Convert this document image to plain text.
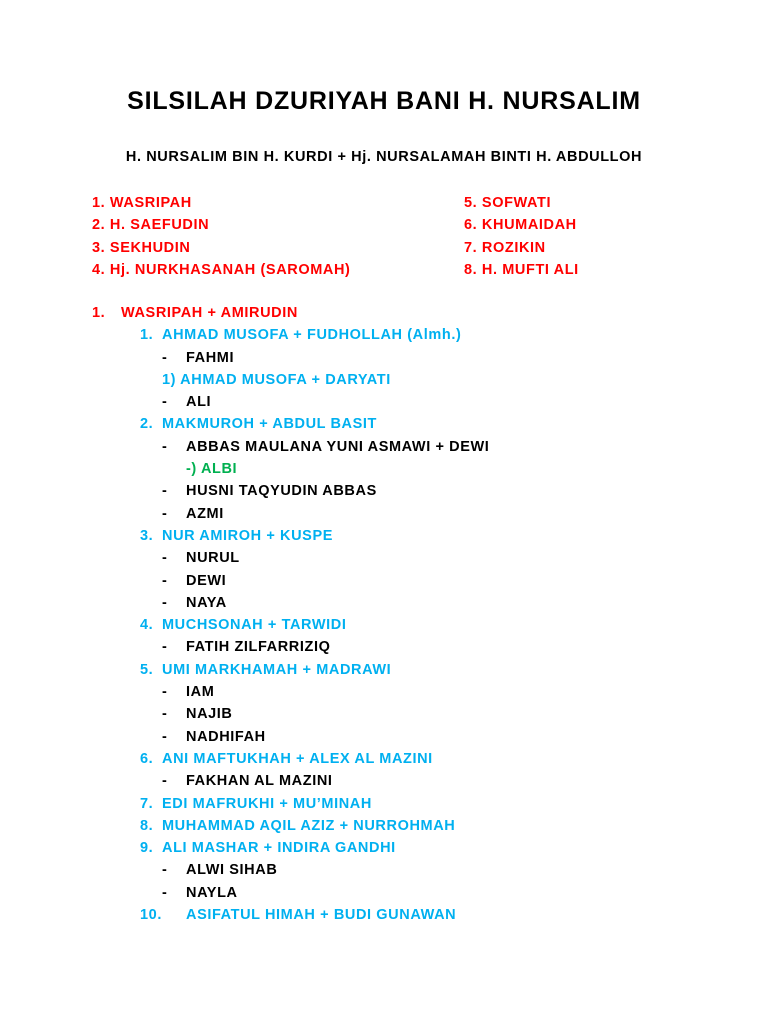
SILSILAH DZURIYAH BANI H. NURSALIM
H. NURSALIM BIN H. KURDI + Hj. NURSALAMAH BINTI H. ABDULLOH
1. WASRIPAH
2. H. SAEFUDIN
3. SEKHUDIN
4. Hj. NURKHASANAH (SAROMAH)
5. SOFWATI
6. KHUMAIDAH
7. ROZIKIN
8. H. MUFTI ALI
1. WASRIPAH + AMIRUDIN
1. AHMAD MUSOFA + FUDHOLLAH (Almh.)
- FAHMI
1) AHMAD MUSOFA + DARYATI
- ALI
2. MAKMUROH + ABDUL BASIT
- ABBAS MAULANA YUNI ASMAWI + DEWI
-) ALBI
- HUSNI TAQYUDIN ABBAS
- AZMI
3. NUR AMIROH + KUSPE
- NURUL
- DEWI
- NAYA
4. MUCHSONAH + TARWIDI
- FATIH ZILFARRIZIQ
5. UMI MARKHAMAH + MADRAWI
- IAM
- NAJIB
- NADHIFAH
6. ANI MAFTUKHAH + ALEX AL MAZINI
- FAKHAN AL MAZINI
7. EDI MAFRUKHI + MU’MINAH
8. MUHAMMAD AQIL AZIZ + NURROHMAH
9. ALI MASHAR + INDIRA GANDHI
- ALWI SIHAB
- NAYLA
10. ASIFATUL HIMAH + BUDI GUNAWAN
